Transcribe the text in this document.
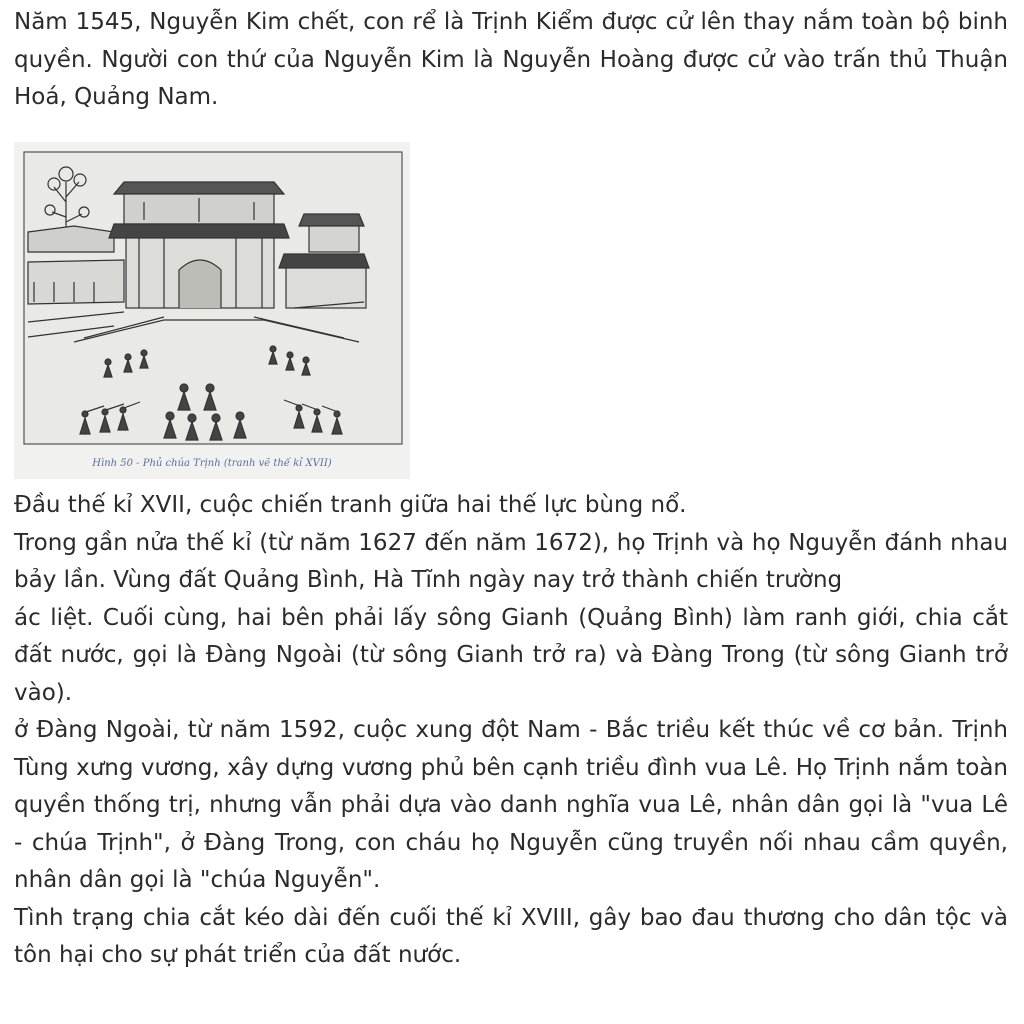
Năm 1545, Nguyễn Kim chết, con rể là Trịnh Kiểm được cử lên thay nắm toàn bộ binh quyền. Người con thứ của Nguyễn Kim là Nguyễn Hoàng được cử vào trấn thủ Thuận Hoá, Quảng Nam.

Hình 50 - Phủ chúa Trịnh (tranh vẽ thế kỉ XVII)
Đầu thế kỉ XVII, cuộc chiến tranh giữa hai thế lực bùng nổ.
Trong gần nửa thế kỉ (từ năm 1627 đến năm 1672), họ Trịnh và họ Nguyễn đánh nhau bảy lần. Vùng đất Quảng Bình, Hà Tĩnh ngày nay trở thành chiến trường
ác liệt. Cuối cùng, hai bên phải lấy sông Gianh (Quảng Bình) làm ranh giới, chia cắt đất nước, gọi là Đàng Ngoài (từ sông Gianh trở ra) và Đàng Trong (từ sông Gianh trở vào).
ở Đàng Ngoài, từ năm 1592, cuộc xung đột Nam - Bắc triều kết thúc về cơ bản. Trịnh Tùng xưng vương, xây dựng vương phủ bên cạnh triều đình vua Lê. Họ Trịnh nắm toàn quyền thống trị, nhưng vẫn phải dựa vào danh nghĩa vua Lê, nhân dân gọi là "vua Lê - chúa Trịnh", ở Đàng Trong, con cháu họ Nguyễn cũng truyền nối nhau cầm quyền, nhân dân gọi là "chúa Nguyễn".
Tình trạng chia cắt kéo dài đến cuối thế kỉ XVIII, gây bao đau thương cho dân tộc và tôn hại cho sự phát triển của đất nước.
